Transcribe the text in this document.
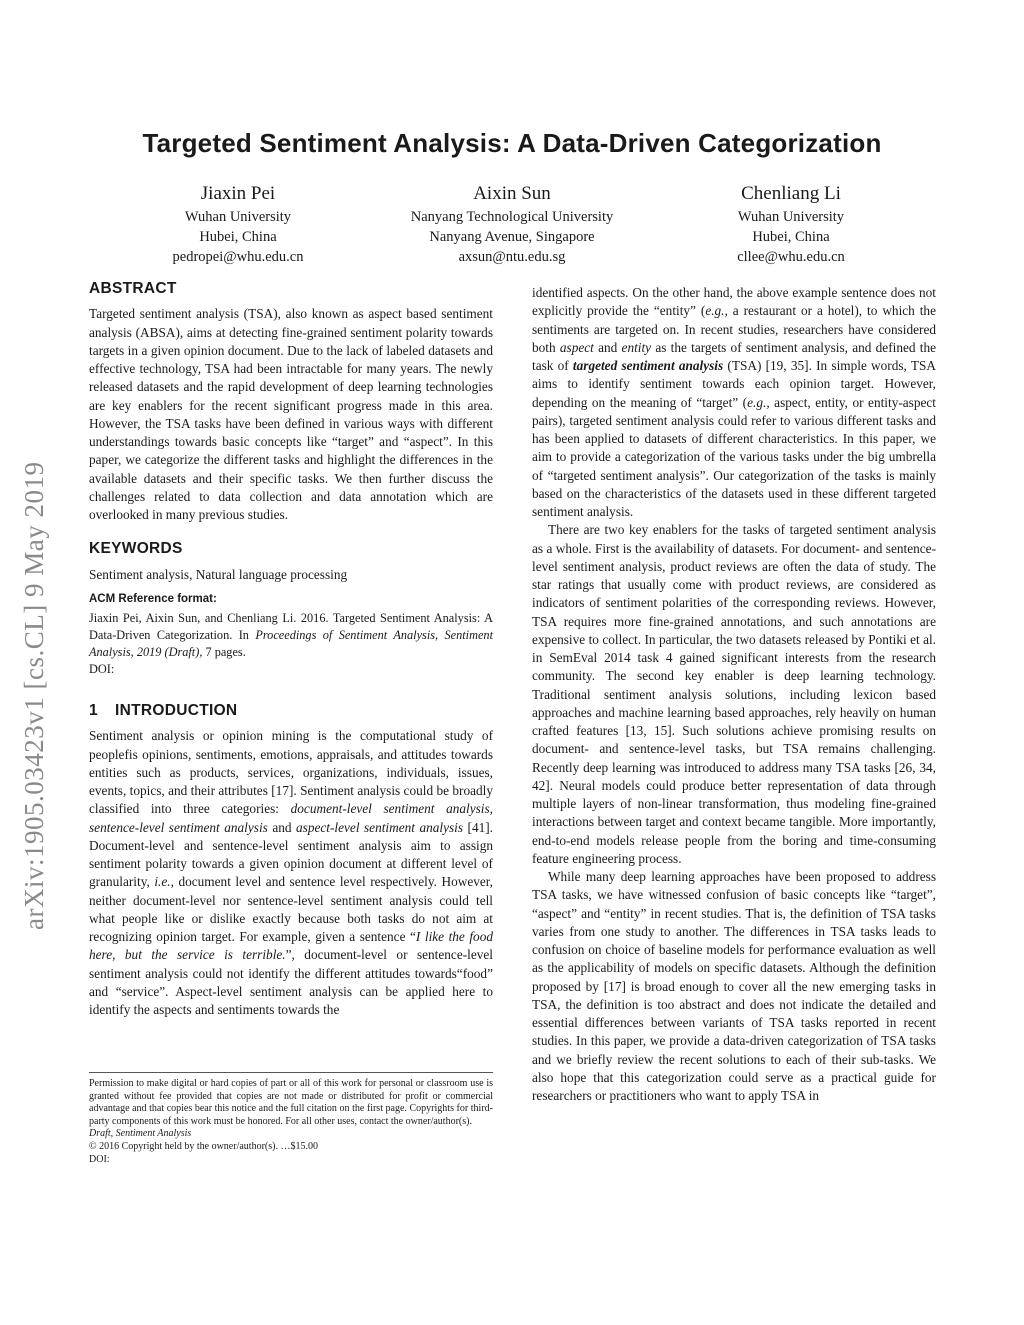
arXiv:1905.03423v1 [cs.CL] 9 May 2019
Targeted Sentiment Analysis: A Data-Driven Categorization
Jiaxin Pei
Wuhan University
Hubei, China
pedropei@whu.edu.cn
Aixin Sun
Nanyang Technological University
Nanyang Avenue, Singapore
axsun@ntu.edu.sg
Chenliang Li
Wuhan University
Hubei, China
cllee@whu.edu.cn
ABSTRACT

Targeted sentiment analysis (TSA), also known as aspect based sentiment analysis (ABSA), aims at detecting fine-grained sentiment polarity towards targets in a given opinion document. Due to the lack of labeled datasets and effective technology, TSA had been intractable for many years. The newly released datasets and the rapid development of deep learning technologies are key enablers for the recent significant progress made in this area. However, the TSA tasks have been defined in various ways with different understandings towards basic concepts like “target” and “aspect”. In this paper, we categorize the different tasks and highlight the differences in the available datasets and their specific tasks. We then further discuss the challenges related to data collection and data annotation which are overlooked in many previous studies.

KEYWORDS

Sentiment analysis, Natural language processing

ACM Reference format:

Jiaxin Pei, Aixin Sun, and Chenliang Li. 2016. Targeted Sentiment Analysis: A Data-Driven Categorization. In Proceedings of Sentiment Analysis, Sentiment Analysis, 2019 (Draft), 7 pages.

DOI:

1 INTRODUCTION

Sentiment analysis or opinion mining is the computational study of peoplefis opinions, sentiments, emotions, appraisals, and attitudes towards entities such as products, services, organizations, individuals, issues, events, topics, and their attributes [17]. Sentiment analysis could be broadly classified into three categories: document-level sentiment analysis, sentence-level sentiment analysis and aspect-level sentiment analysis [41]. Document-level and sentence-level sentiment analysis aim to assign sentiment polarity towards a given opinion document at different level of granularity, i.e., document level and sentence level respectively. However, neither document-level nor sentence-level sentiment analysis could tell what people like or dislike exactly because both tasks do not aim at recognizing opinion target. For example, given a sentence “I like the food here, but the service is terrible.”, document-level or sentence-level sentiment analysis could not identify the different attitudes towards“food” and “service”. Aspect-level sentiment analysis can be applied here to identify the aspects and sentiments towards the

Permission to make digital or hard copies of part or all of this work for personal or classroom use is granted without fee provided that copies are not made or distributed for profit or commercial advantage and that copies bear this notice and the full citation on the first page. Copyrights for third-party components of this work must be honored. For all other uses, contact the owner/author(s).

Draft, Sentiment Analysis

© 2016 Copyright held by the owner/author(s). …$15.00

DOI:

identified aspects. On the other hand, the above example sentence does not explicitly provide the “entity” (e.g., a restaurant or a hotel), to which the sentiments are targeted on. In recent studies, researchers have considered both aspect and entity as the targets of sentiment analysis, and defined the task of targeted sentiment analysis (TSA) [19, 35]. In simple words, TSA aims to identify sentiment towards each opinion target. However, depending on the meaning of “target” (e.g., aspect, entity, or entity-aspect pairs), targeted sentiment analysis could refer to various different tasks and has been applied to datasets of different characteristics. In this paper, we aim to provide a categorization of the various tasks under the big umbrella of “targeted sentiment analysis”. Our categorization of the tasks is mainly based on the characteristics of the datasets used in these different targeted sentiment analysis.

There are two key enablers for the tasks of targeted sentiment analysis as a whole. First is the availability of datasets. For document- and sentence-level sentiment analysis, product reviews are often the data of study. The star ratings that usually come with product reviews, are considered as indicators of sentiment polarities of the corresponding reviews. However, TSA requires more fine-grained annotations, and such annotations are expensive to collect. In particular, the two datasets released by Pontiki et al. in SemEval 2014 task 4 gained significant interests from the research community. The second key enabler is deep learning technology. Traditional sentiment analysis solutions, including lexicon based approaches and machine learning based approaches, rely heavily on human crafted features [13, 15]. Such solutions achieve promising results on document- and sentence-level tasks, but TSA remains challenging. Recently deep learning was introduced to address many TSA tasks [26, 34, 42]. Neural models could produce better representation of data through multiple layers of non-linear transformation, thus modeling fine-grained interactions between target and context became tangible. More importantly, end-to-end models release people from the boring and time-consuming feature engineering process.

While many deep learning approaches have been proposed to address TSA tasks, we have witnessed confusion of basic concepts like “target”, “aspect” and “entity” in recent studies. That is, the definition of TSA tasks varies from one study to another. The differences in TSA tasks leads to confusion on choice of baseline models for performance evaluation as well as the applicability of models on specific datasets. Although the definition proposed by [17] is broad enough to cover all the new emerging tasks in TSA, the definition is too abstract and does not indicate the detailed and essential differences between variants of TSA tasks reported in recent studies. In this paper, we provide a data-driven categorization of TSA tasks and we briefly review the recent solutions to each of their sub-tasks. We also hope that this categorization could serve as a practical guide for researchers or practitioners who want to apply TSA in
